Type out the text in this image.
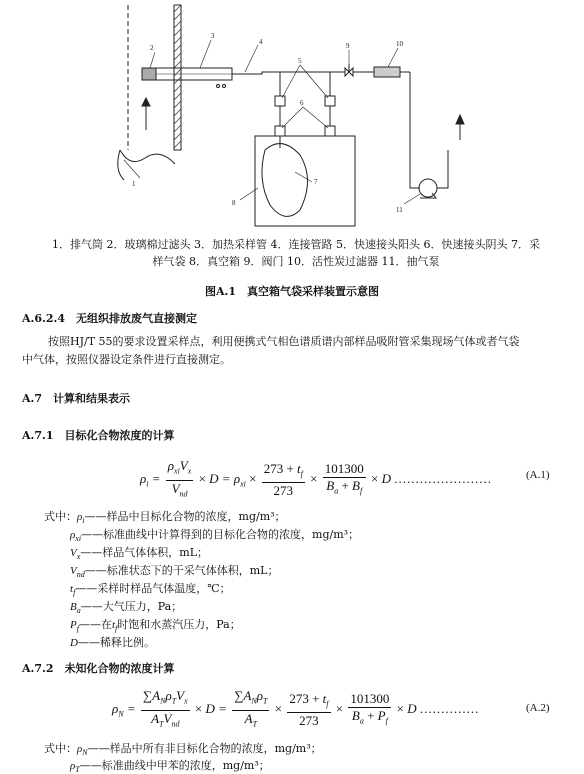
2
3
4
5
6
9	10
1
8
7
11
1．排气筒 2．玻璃棉过滤头 3．加热采样管 4．连接管路 5．快速接头阳头 6．快速接头阴头 7．采
样气袋 8．真空箱 9．阀门 10．活性炭过滤器 11．抽气泵
图A.1　真空箱气袋采样装置示意图
A.6.2.4　无组织排放废气直接测定
按照HJ/T 55的要求设置采样点，利用便携式气相色谱质谱内部样品吸附管采集现场气体或者气袋
中气体，按照仪器设定条件进行直接测定。
A.7　计算和结果表示
A.7.1　目标化合物浓度的计算
$\rho_i = \frac{\rho_{xi}V_x}{V_{nd}} \times D = \rho_{xi} \times \frac{273 + t_f}{273} \times \frac{101300}{B_a + B_f} \times D$ .......................	(A.1)
式中：$\rho_i——$样品中目标化合物的浓度，mg/m³；
$\rho_{xi}——$标准曲线中计算得到的目标化合物的浓度，mg/m³；
$V_x——$样品气体体积，mL；
$V_{nd}——$标准状态下的干采气体体积，mL；
$t_f——$采样时样品气体温度，℃；
$B_a——$大气压力，Pa；
$P_f——$在$t_f$时饱和水蒸汽压力，Pa；
D——稀释比例。
A.7.2　未知化合物的浓度计算
$\rho_N = \frac{\sum A_N\rho_TV_x}{A_TV_{nd}} \times D = \frac{\sum A_N\rho_T}{A_T} \times \frac{273 + t_f}{273} \times \frac{101300}{B_a + P_f} \times D$ ..............	(A.2)
式中：$\rho_N——$样品中所有非目标化合物的浓度，mg/m³；
$\rho_T——$标准曲线中甲苯的浓度，mg/m³；
